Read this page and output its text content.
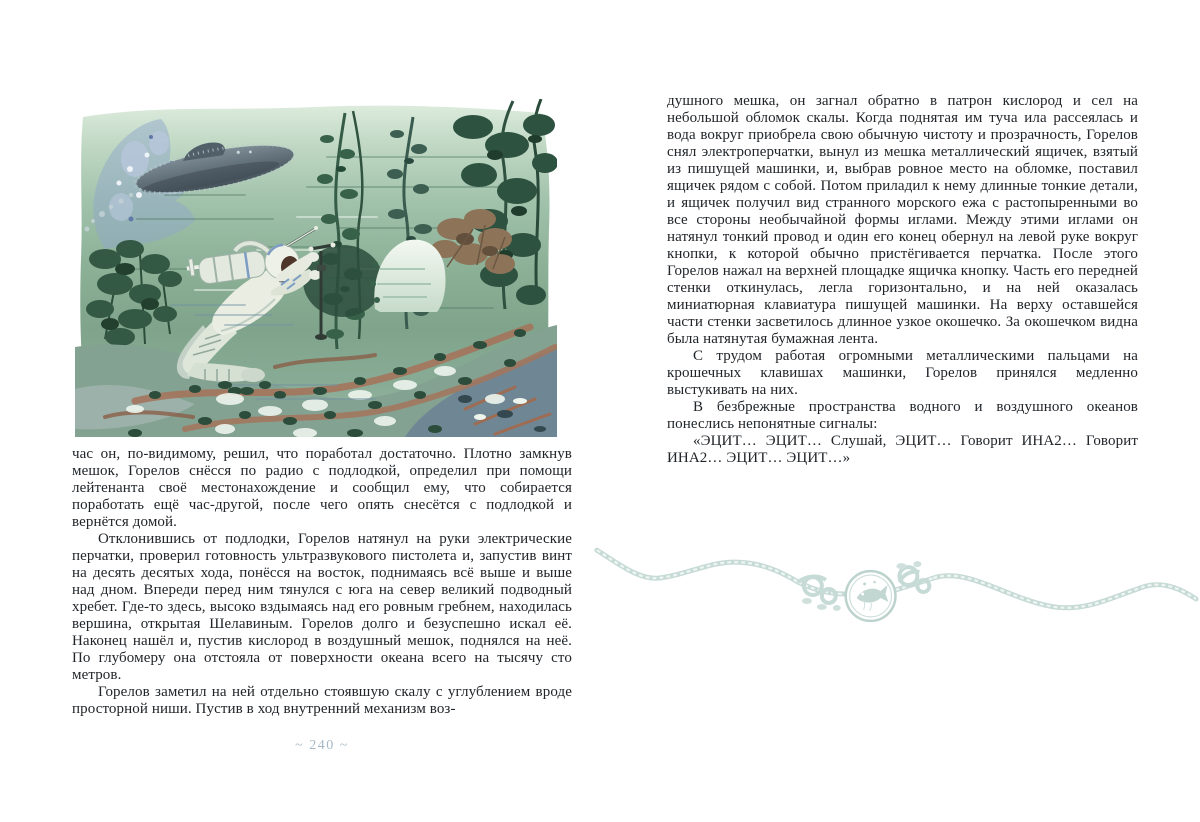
час он, по-видимому, решил, что поработал достаточно. Плотно замкнув мешок, Горелов снёсся по радио с подлодкой, определил при помощи лейтенанта своё местонахождение и сообщил ему, что собирается поработать ещё час-другой, после чего опять снесётся с подлодкой и вернётся домой.

Отклонившись от подлодки, Горелов натянул на руки электрические перчатки, проверил готовность ультразвукового пистолета и, запустив винт на десять десятых хода, понёсся на восток, поднимаясь всё выше и выше над дном. Впереди перед ним тянулся с юга на север великий подводный хребет. Где-то здесь, высоко вздымаясь над его ровным гребнем, находилась вершина, открытая Шелавиным. Горелов долго и безуспешно искал её. Наконец нашёл и, пустив кислород в воздушный мешок, поднялся на неё. По глубомеру она отстояла от поверхности океана всего на тысячу сто метров.

Горелов заметил на ней отдельно стоявшую скалу с углублением вроде просторной ниши. Пустив в ход внутренний механизм воз-

~ 240 ~

душного мешка, он загнал обратно в патрон кислород и сел на небольшой обломок скалы. Когда поднятая им туча ила рассеялась и вода вокруг приобрела свою обычную чистоту и прозрачность, Горелов снял электроперчатки, вынул из мешка металлический ящичек, взятый из пишущей машинки, и, выбрав ровное место на обломке, поставил ящичек рядом с собой. Потом приладил к нему длинные тонкие детали, и ящичек получил вид странного морского ежа с растопыренными во все стороны необычайной формы иглами. Между этими иглами он натянул тонкий провод и один его конец обернул на левой руке вокруг кнопки, к которой обычно пристёгивается перчатка. После этого Горелов нажал на верхней площадке ящичка кнопку. Часть его передней стенки откинулась, легла горизонтально, и на ней оказалась миниатюрная клавиатура пишущей машинки. На верху оставшейся части стенки засветилось длинное узкое окошечко. За окошечком видна была натянутая бумажная лента.

С трудом работая огромными металлическими пальцами на крошечных клавишах машинки, Горелов принялся медленно выстукивать на них.

В безбрежные пространства водного и воздушного океанов понеслись непонятные сигналы:

«ЭЦИТ… ЭЦИТ… Слушай, ЭЦИТ… Говорит ИНА2… Говорит ИНА2… ЭЦИТ… ЭЦИТ…»
